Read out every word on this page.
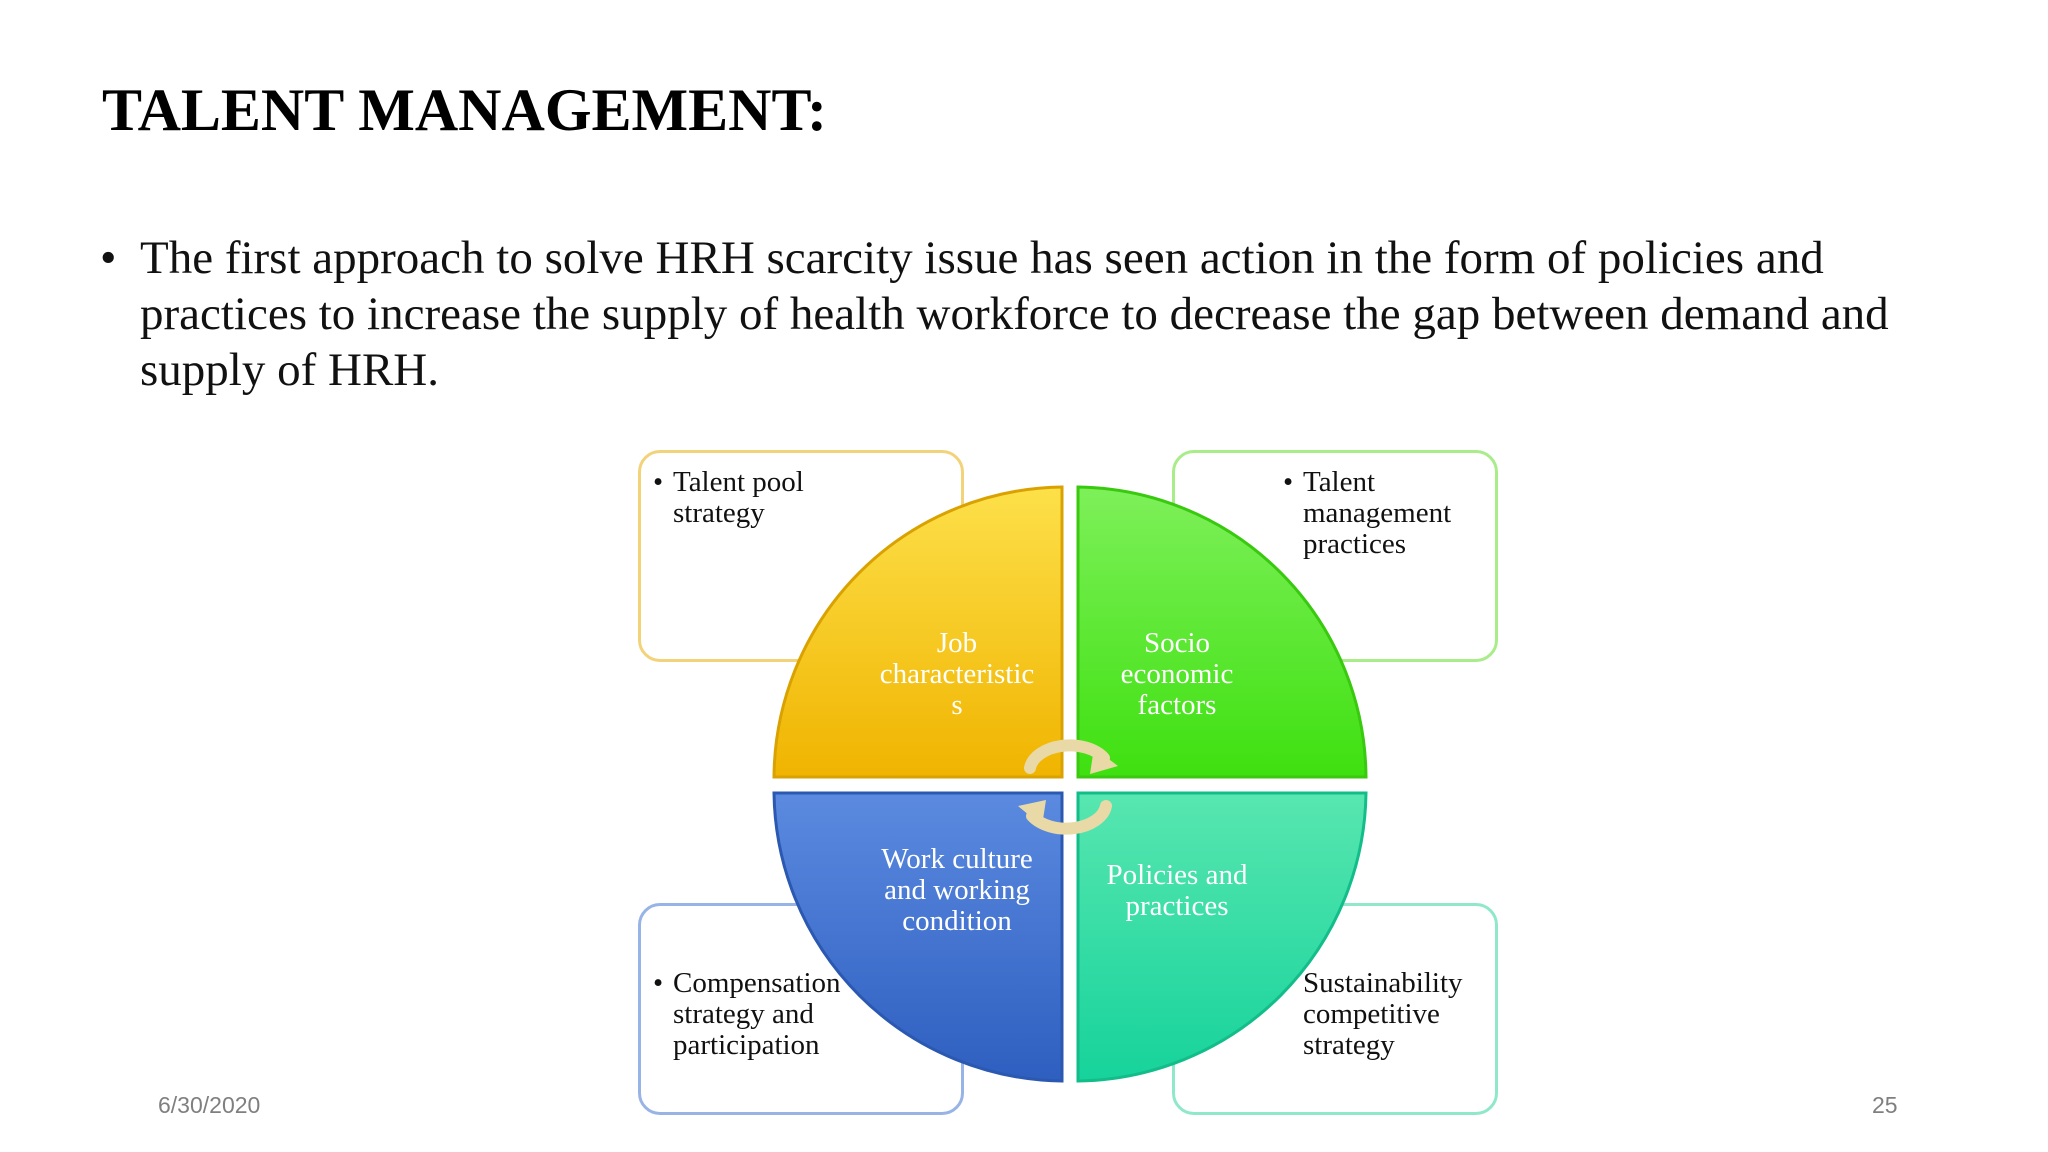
TALENT MANAGEMENT:
• The first approach to solve HRH scarcity issue has seen action in the form of policies and practices to increase the supply of health workforce to decrease the gap between demand and supply of HRH.
• Talent pool
strategy
• Talent
management
practices
• Compensation
strategy and
participation
Sustainability
competitive
strategy
Job
characteristic
s
Socio
economic
factors
Work culture
and working
condition
Policies and
practices
6/30/2020	25
